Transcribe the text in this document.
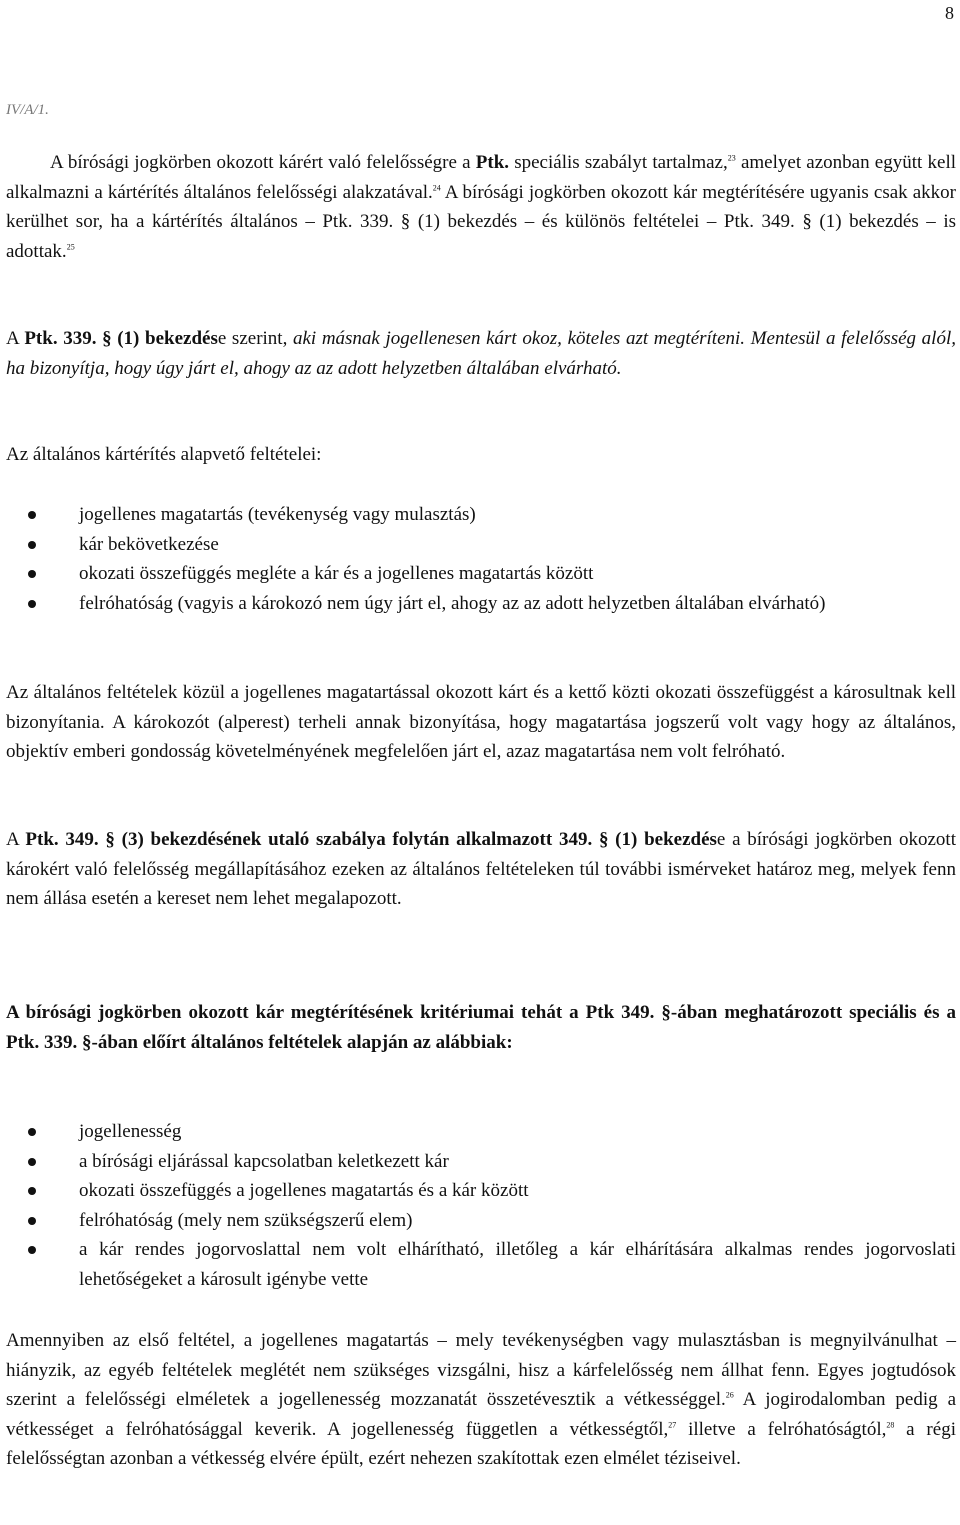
8
IV/A/1.

A bírósági jogkörben okozott kárért való felelősségre a Ptk. speciális szabályt tartalmaz,$^{23}$ amelyet azonban együtt kell alkalmazni a kártérítés általános felelősségi alakzatával.$^{24}$ A bírósági jogkörben okozott kár megtérítésére ugyanis csak akkor kerülhet sor, ha a kártérítés általános – Ptk. 339. § (1) bekezdés – és különös feltételei – Ptk. 349. § (1) bekezdés – is adottak.$^{25}$

A Ptk. 339. § (1) bekezdése szerint, aki másnak jogellenesen kárt okoz, köteles azt megtéríteni. Mentesül a felelősség alól, ha bizonyítja, hogy úgy járt el, ahogy az az adott helyzetben általában elvárható.

Az általános kártérítés alapvető feltételei:

jogellenes magatartás (tevékenység vagy mulasztás)
kár bekövetkezése
okozati összefüggés megléte a kár és a jogellenes magatartás között
felróhatóság (vagyis a károkozó nem úgy járt el, ahogy az az adott helyzetben általában elvárható)

Az általános feltételek közül a jogellenes magatartással okozott kárt és a kettő közti okozati összefüggést a károsultnak kell bizonyítania. A károkozót (alperest) terheli annak bizonyítása, hogy magatartása jogszerű volt vagy hogy az általános, objektív emberi gondosság követelményének megfelelően járt el, azaz magatartása nem volt felróható.

A Ptk. 349. § (3) bekezdésének utaló szabálya folytán alkalmazott 349. § (1) bekezdése a bírósági jogkörben okozott károkért való felelősség megállapításához ezeken az általános feltételeken túl további ismérveket határoz meg, melyek fenn nem állása esetén a kereset nem lehet megalapozott.

A bírósági jogkörben okozott kár megtérítésének kritériumai tehát a Ptk 349. §-ában meghatározott speciális és a Ptk. 339. §-ában előírt általános feltételek alapján az alábbiak:

jogellenesség
a bírósági eljárással kapcsolatban keletkezett kár
okozati összefüggés a jogellenes magatartás és a kár között
felróhatóság (mely nem szükségszerű elem)
a kár rendes jogorvoslattal nem volt elhárítható, illetőleg a kár elhárítására alkalmas rendes jogorvoslati lehetőségeket a károsult igénybe vette

Amennyiben az első feltétel, a jogellenes magatartás – mely tevékenységben vagy mulasztásban is megnyilvánulhat – hiányzik, az egyéb feltételek meglétét nem szükséges vizsgálni, hisz a kárfelelősség nem állhat fenn. Egyes jogtudósok szerint a felelősségi elméletek a jogellenesség mozzanatát összetévesztik a vétkességgel.$^{26}$ A jogirodalomban pedig a vétkességet a felróhatósággal keverik. A jogellenesség független a vétkességtől,$^{27}$ illetve a felróhatóságtól,$^{28}$ a régi felelősségtan azonban a vétkesség elvére épült, ezért nehezen szakítottak ezen elmélet téziseivel.
